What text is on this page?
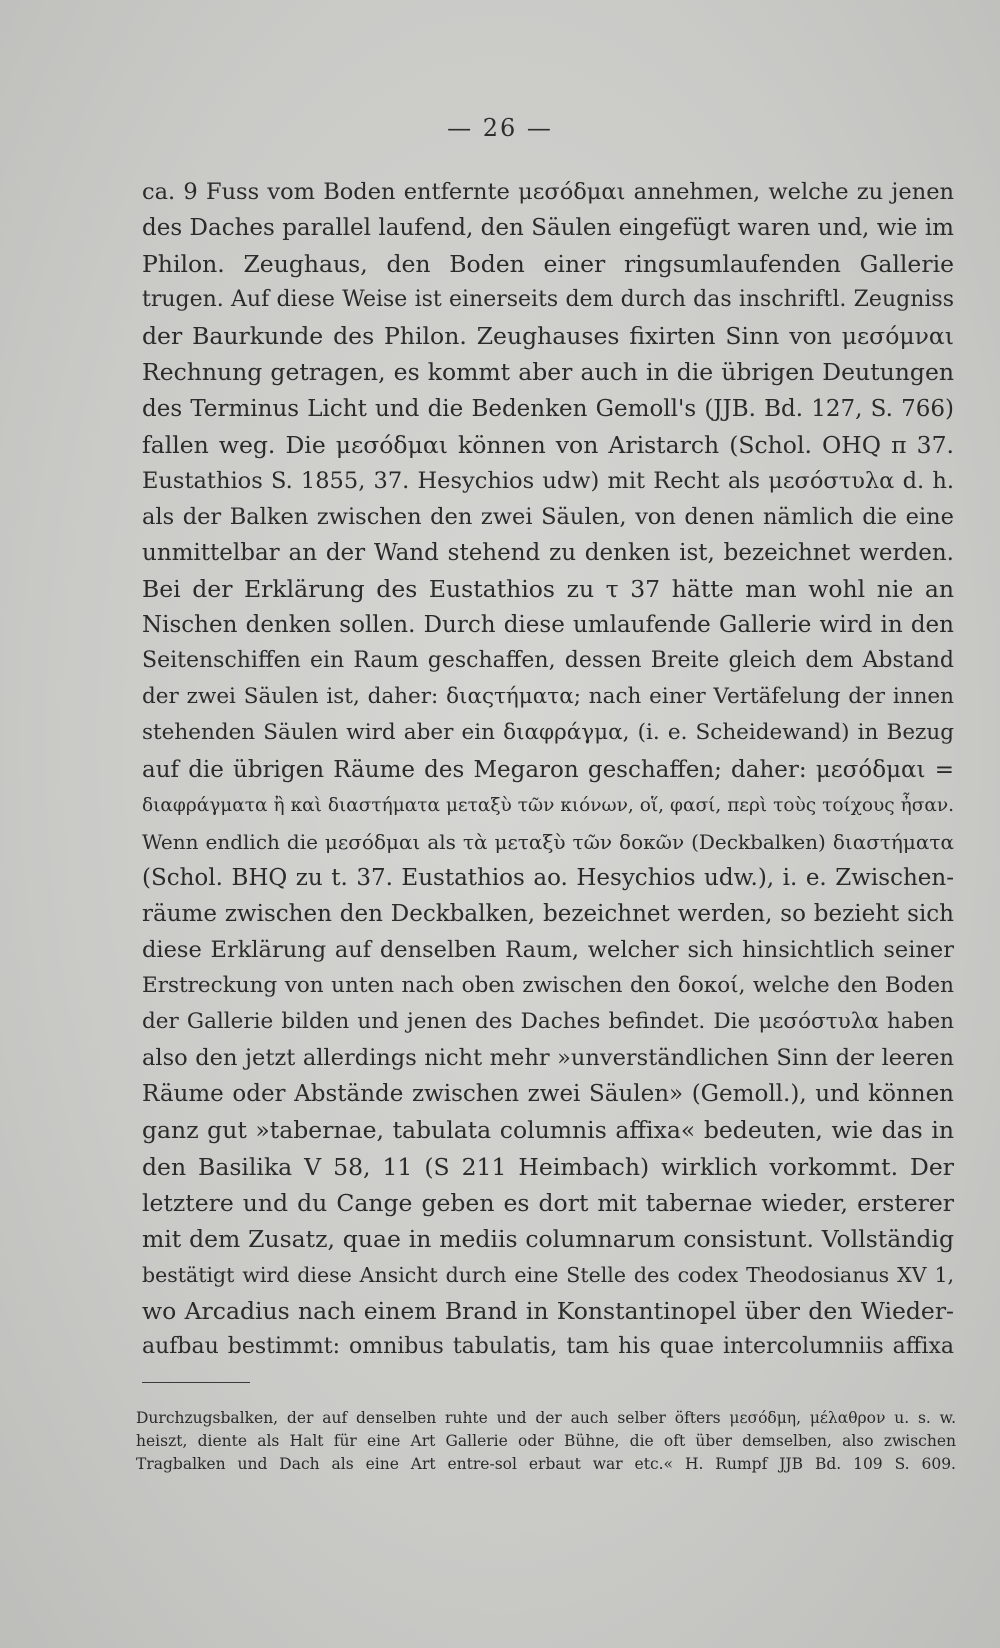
— 26 —
ca. 9 Fuss vom Boden entfernte μεσόδμαι annehmen, welche zu jenen
des Daches parallel laufend, den Säulen eingefügt waren und, wie im
Philon. Zeughaus, den Boden einer ringsumlaufenden Gallerie
trugen. Auf diese Weise ist einerseits dem durch das inschriftl. Zeugniss
der Baurkunde des Philon. Zeughauses fixirten Sinn von μεσόμναι
Rechnung getragen, es kommt aber auch in die übrigen Deutungen
des Terminus Licht und die Bedenken Gemoll's (JJB. Bd. 127, S. 766)
fallen weg. Die μεσόδμαι können von Aristarch (Schol. OHQ π 37.
Eustathios S. 1855, 37. Hesychios udw) mit Recht als μεσόστυλα d. h.
als der Balken zwischen den zwei Säulen, von denen nämlich die eine
unmittelbar an der Wand stehend zu denken ist, bezeichnet werden.
Bei der Erklärung des Eustathios zu τ 37 hätte man wohl nie an
Nischen denken sollen. Durch diese umlaufende Gallerie wird in den
Seitenschiffen ein Raum geschaffen, dessen Breite gleich dem Abstand
der zwei Säulen ist, daher: διαςτήματα; nach einer Vertäfelung der innen
stehenden Säulen wird aber ein διαφράγμα, (i. e. Scheidewand) in Bezug
auf die übrigen Räume des Megaron geschaffen; daher: μεσόδμαι =
διαφράγματα ἢ καὶ διαστήματα μεταξὺ τῶν κιόνων, οἵ, φασί, περὶ τοὺς τοίχους ἦσαν.
Wenn endlich die μεσόδμαι als τὰ μεταξὺ τῶν δοκῶν (Deckbalken) διαστήματα
(Schol. BHQ zu t. 37. Eustathios ao. Hesychios udw.), i. e. Zwischen-
räume zwischen den Deckbalken, bezeichnet werden, so bezieht sich
diese Erklärung auf denselben Raum, welcher sich hinsichtlich seiner
Erstreckung von unten nach oben zwischen den δοκοί, welche den Boden
der Gallerie bilden und jenen des Daches befindet. Die μεσόστυλα haben
also den jetzt allerdings nicht mehr »unverständlichen Sinn der leeren
Räume oder Abstände zwischen zwei Säulen» (Gemoll.), und können
ganz gut »tabernae, tabulata columnis affixa« bedeuten, wie das in
den Basilika V 58, 11 (S 211 Heimbach) wirklich vorkommt. Der
letztere und du Cange geben es dort mit tabernae wieder, ersterer
mit dem Zusatz, quae in mediis columnarum consistunt. Vollständig
bestätigt wird diese Ansicht durch eine Stelle des codex Theodosianus XV 1,
wo Arcadius nach einem Brand in Konstantinopel über den Wieder-
aufbau bestimmt: omnibus tabulatis, tam his quae intercolumniis affixa
Durchzugsbalken, der auf denselben ruhte und der auch selber öfters μεσόδμη, μέλαθρον u. s. w.
heiszt, diente als Halt für eine Art Gallerie oder Bühne, die oft über demselben, also zwischen
Tragbalken und Dach als eine Art entre-sol erbaut war etc.« H. Rumpf JJB Bd. 109 S. 609.
